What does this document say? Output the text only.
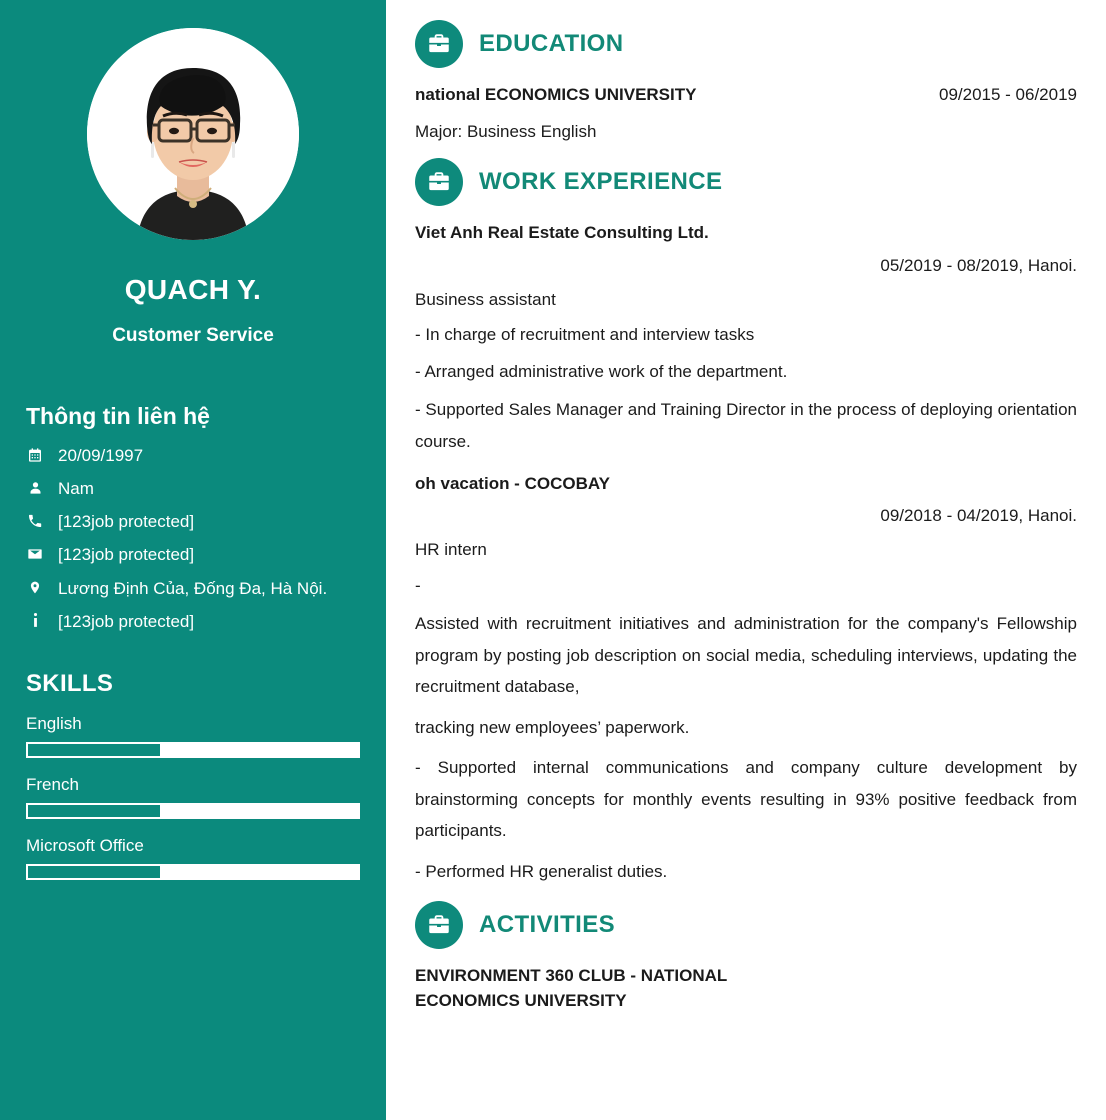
QUACH Y.
Customer Service
Thông tin liên hệ
20/09/1997
Nam
[123job protected]
[123job protected]
Lương Định Của, Đống Đa, Hà Nội.
[123job protected]
SKILLS
English
French
Microsoft Office
EDUCATION
national ECONOMICS UNIVERSITY	09/2015 - 06/2019
Major: Business English
WORK EXPERIENCE
Viet Anh Real Estate Consulting Ltd.
05/2019 - 08/2019, Hanoi.
Business assistant
- In charge of recruitment and interview tasks
- Arranged administrative work of the department.
- Supported Sales Manager and Training Director in the process of deploying orientation course.
oh vacation - COCOBAY
09/2018 - 04/2019, Hanoi.
HR intern
-
Assisted with recruitment initiatives and administration for the company's Fellowship program by posting job description on social media, scheduling interviews, updating the recruitment database,
tracking new employees’ paperwork.
- Supported internal communications and company culture development by brainstorming concepts for monthly events resulting in 93% positive feedback from participants.
- Performed HR generalist duties.
ACTIVITIES
ENVIRONMENT 360 CLUB - NATIONAL
ECONOMICS UNIVERSITY
